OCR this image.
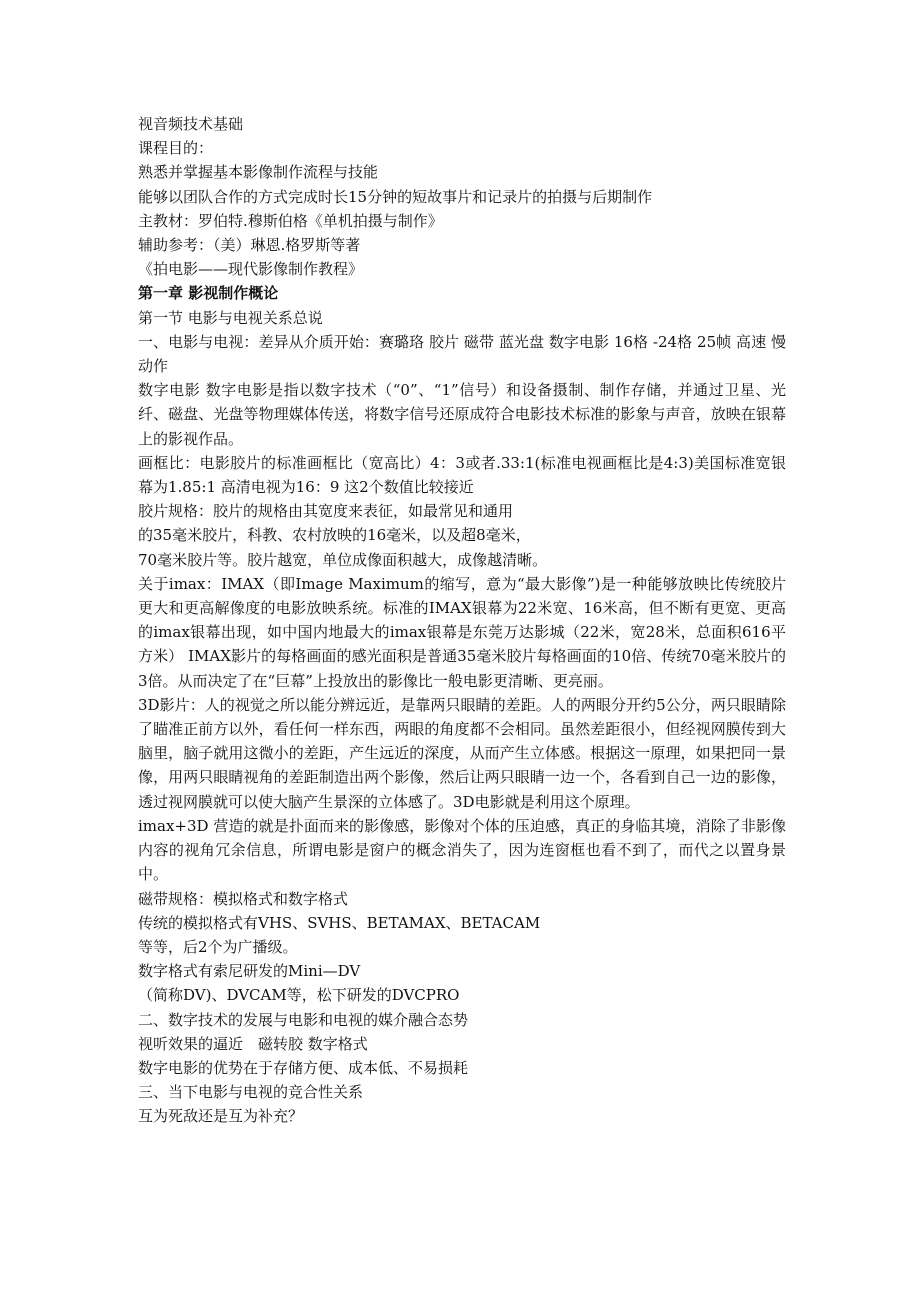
视音频技术基础

课程目的：

熟悉并掌握基本影像制作流程与技能

能够以团队合作的方式完成时长15分钟的短故事片和记录片的拍摄与后期制作

主教材：罗伯特.穆斯伯格《单机拍摄与制作》

辅助参考：（美）琳恩.格罗斯等著

《拍电影——现代影像制作教程》

第一章 影视制作概论

第一节 电影与电视关系总说

一、电影与电视：差异从介质开始：赛璐珞 胶片 磁带 蓝光盘 数字电影 16格 -24格 25帧 高速 慢动作

数字电影 数字电影是指以数字技术（“0”、“1”信号）和设备摄制、制作存储，并通过卫星、光纤、磁盘、光盘等物理媒体传送，将数字信号还原成符合电影技术标准的影象与声音，放映在银幕上的影视作品。

画框比：电影胶片的标准画框比（宽高比）4：3或者.33:1(标准电视画框比是4:3)美国标准宽银幕为1.85:1 高清电视为16：9 这2个数值比较接近

胶片规格：胶片的规格由其宽度来表征，如最常见和通用

的35毫米胶片，科教、农村放映的16毫米，以及超8毫米，

70毫米胶片等。胶片越宽，单位成像面积越大，成像越清晰。

关于imax：IMAX（即Image Maximum的缩写，意为“最大影像”)是一种能够放映比传统胶片更大和更高解像度的电影放映系统。标准的IMAX银幕为22米宽、16米高，但不断有更宽、更高的imax银幕出现，如中国内地最大的imax银幕是东莞万达影城（22米，宽28米，总面积616平方米） IMAX影片的每格画面的感光面积是普通35毫米胶片每格画面的10倍、传统70毫米胶片的3倍。从而决定了在“巨幕”上投放出的影像比一般电影更清晰、更亮丽。

3D影片：人的视觉之所以能分辨远近，是靠两只眼睛的差距。人的两眼分开约5公分，两只眼睛除了瞄准正前方以外，看任何一样东西，两眼的角度都不会相同。虽然差距很小，但经视网膜传到大脑里，脑子就用这微小的差距，产生远近的深度，从而产生立体感。根据这一原理，如果把同一景像，用两只眼睛视角的差距制造出两个影像，然后让两只眼睛一边一个，各看到自己一边的影像，透过视网膜就可以使大脑产生景深的立体感了。3D电影就是利用这个原理。

imax+3D 营造的就是扑面而来的影像感，影像对个体的压迫感，真正的身临其境，消除了非影像内容的视角冗余信息，所谓电影是窗户的概念消失了，因为连窗框也看不到了，而代之以置身景中。

磁带规格：模拟格式和数字格式

传统的模拟格式有VHS、SVHS、BETAMAX、BETACAM

等等，后2个为广播级。

数字格式有索尼研发的Mini—DV

（简称DV)、DVCAM等，松下研发的DVCPRO

二、数字技术的发展与电影和电视的媒介融合态势

视听效果的逼近　磁转胶 数字格式

数字电影的优势在于存储方便、成本低、不易损耗

三、当下电影与电视的竞合性关系

互为死敌还是互为补充？
